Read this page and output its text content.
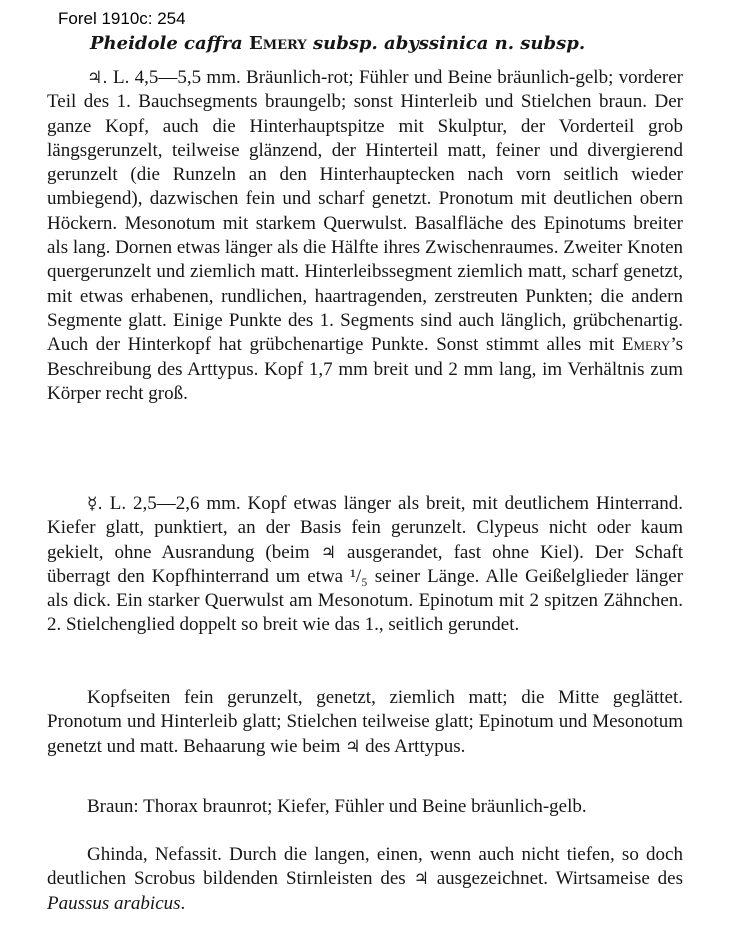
Forel 1910c: 254
Pheidole caffra Emery subsp. abyssinica n. subsp.

♃. L. 4,5—5,5 mm. Bräunlich-rot; Fühler und Beine bräunlich-gelb; vorderer Teil des 1. Bauchsegments braungelb; sonst Hinterleib und Stielchen braun. Der ganze Kopf, auch die Hinterhauptspitze mit Skulptur, der Vorderteil grob längsgerunzelt, teilweise glänzend, der Hinterteil matt, feiner und divergierend gerunzelt (die Runzeln an den Hinterhauptecken nach vorn seitlich wieder umbiegend), dazwischen fein und scharf genetzt. Pronotum mit deutlichen obern Höckern. Mesonotum mit starkem Querwulst. Basalfläche des Epinotums breiter als lang. Dornen etwas länger als die Hälfte ihres Zwischenraumes. Zweiter Knoten quergerunzelt und ziemlich matt. Hinterleibssegment ziemlich matt, scharf genetzt, mit etwas erhabenen, rundlichen, haartragenden, zerstreuten Punkten; die andern Segmente glatt. Einige Punkte des 1. Segments sind auch länglich, grübchenartig. Auch der Hinterkopf hat grübchenartige Punkte. Sonst stimmt alles mit Emery’s Beschreibung des Arttypus. Kopf 1,7 mm breit und 2 mm lang, im Verhältnis zum Körper recht groß.

☿. L. 2,5—2,6 mm. Kopf etwas länger als breit, mit deutlichem Hinterrand. Kiefer glatt, punktiert, an der Basis fein gerunzelt. Clypeus nicht oder kaum gekielt, ohne Ausrandung (beim ♃ ausgerandet, fast ohne Kiel). Der Schaft überragt den Kopfhinterrand um etwa ¹/₅ seiner Länge. Alle Geißelglieder länger als dick. Ein starker Querwulst am Mesonotum. Epinotum mit 2 spitzen Zähnchen. 2. Stielchenglied doppelt so breit wie das 1., seitlich gerundet.

Kopfseiten fein gerunzelt, genetzt, ziemlich matt; die Mitte geglättet. Pronotum und Hinterleib glatt; Stielchen teilweise glatt; Epinotum und Mesonotum genetzt und matt. Behaarung wie beim ♃ des Arttypus.

Braun: Thorax braunrot; Kiefer, Fühler und Beine bräunlich-gelb.

Ghinda, Nefassit. Durch die langen, einen, wenn auch nicht tiefen, so doch deutlichen Scrobus bildenden Stirnleisten des ♃ ausgezeichnet. Wirtsameise des Paussus arabicus.
